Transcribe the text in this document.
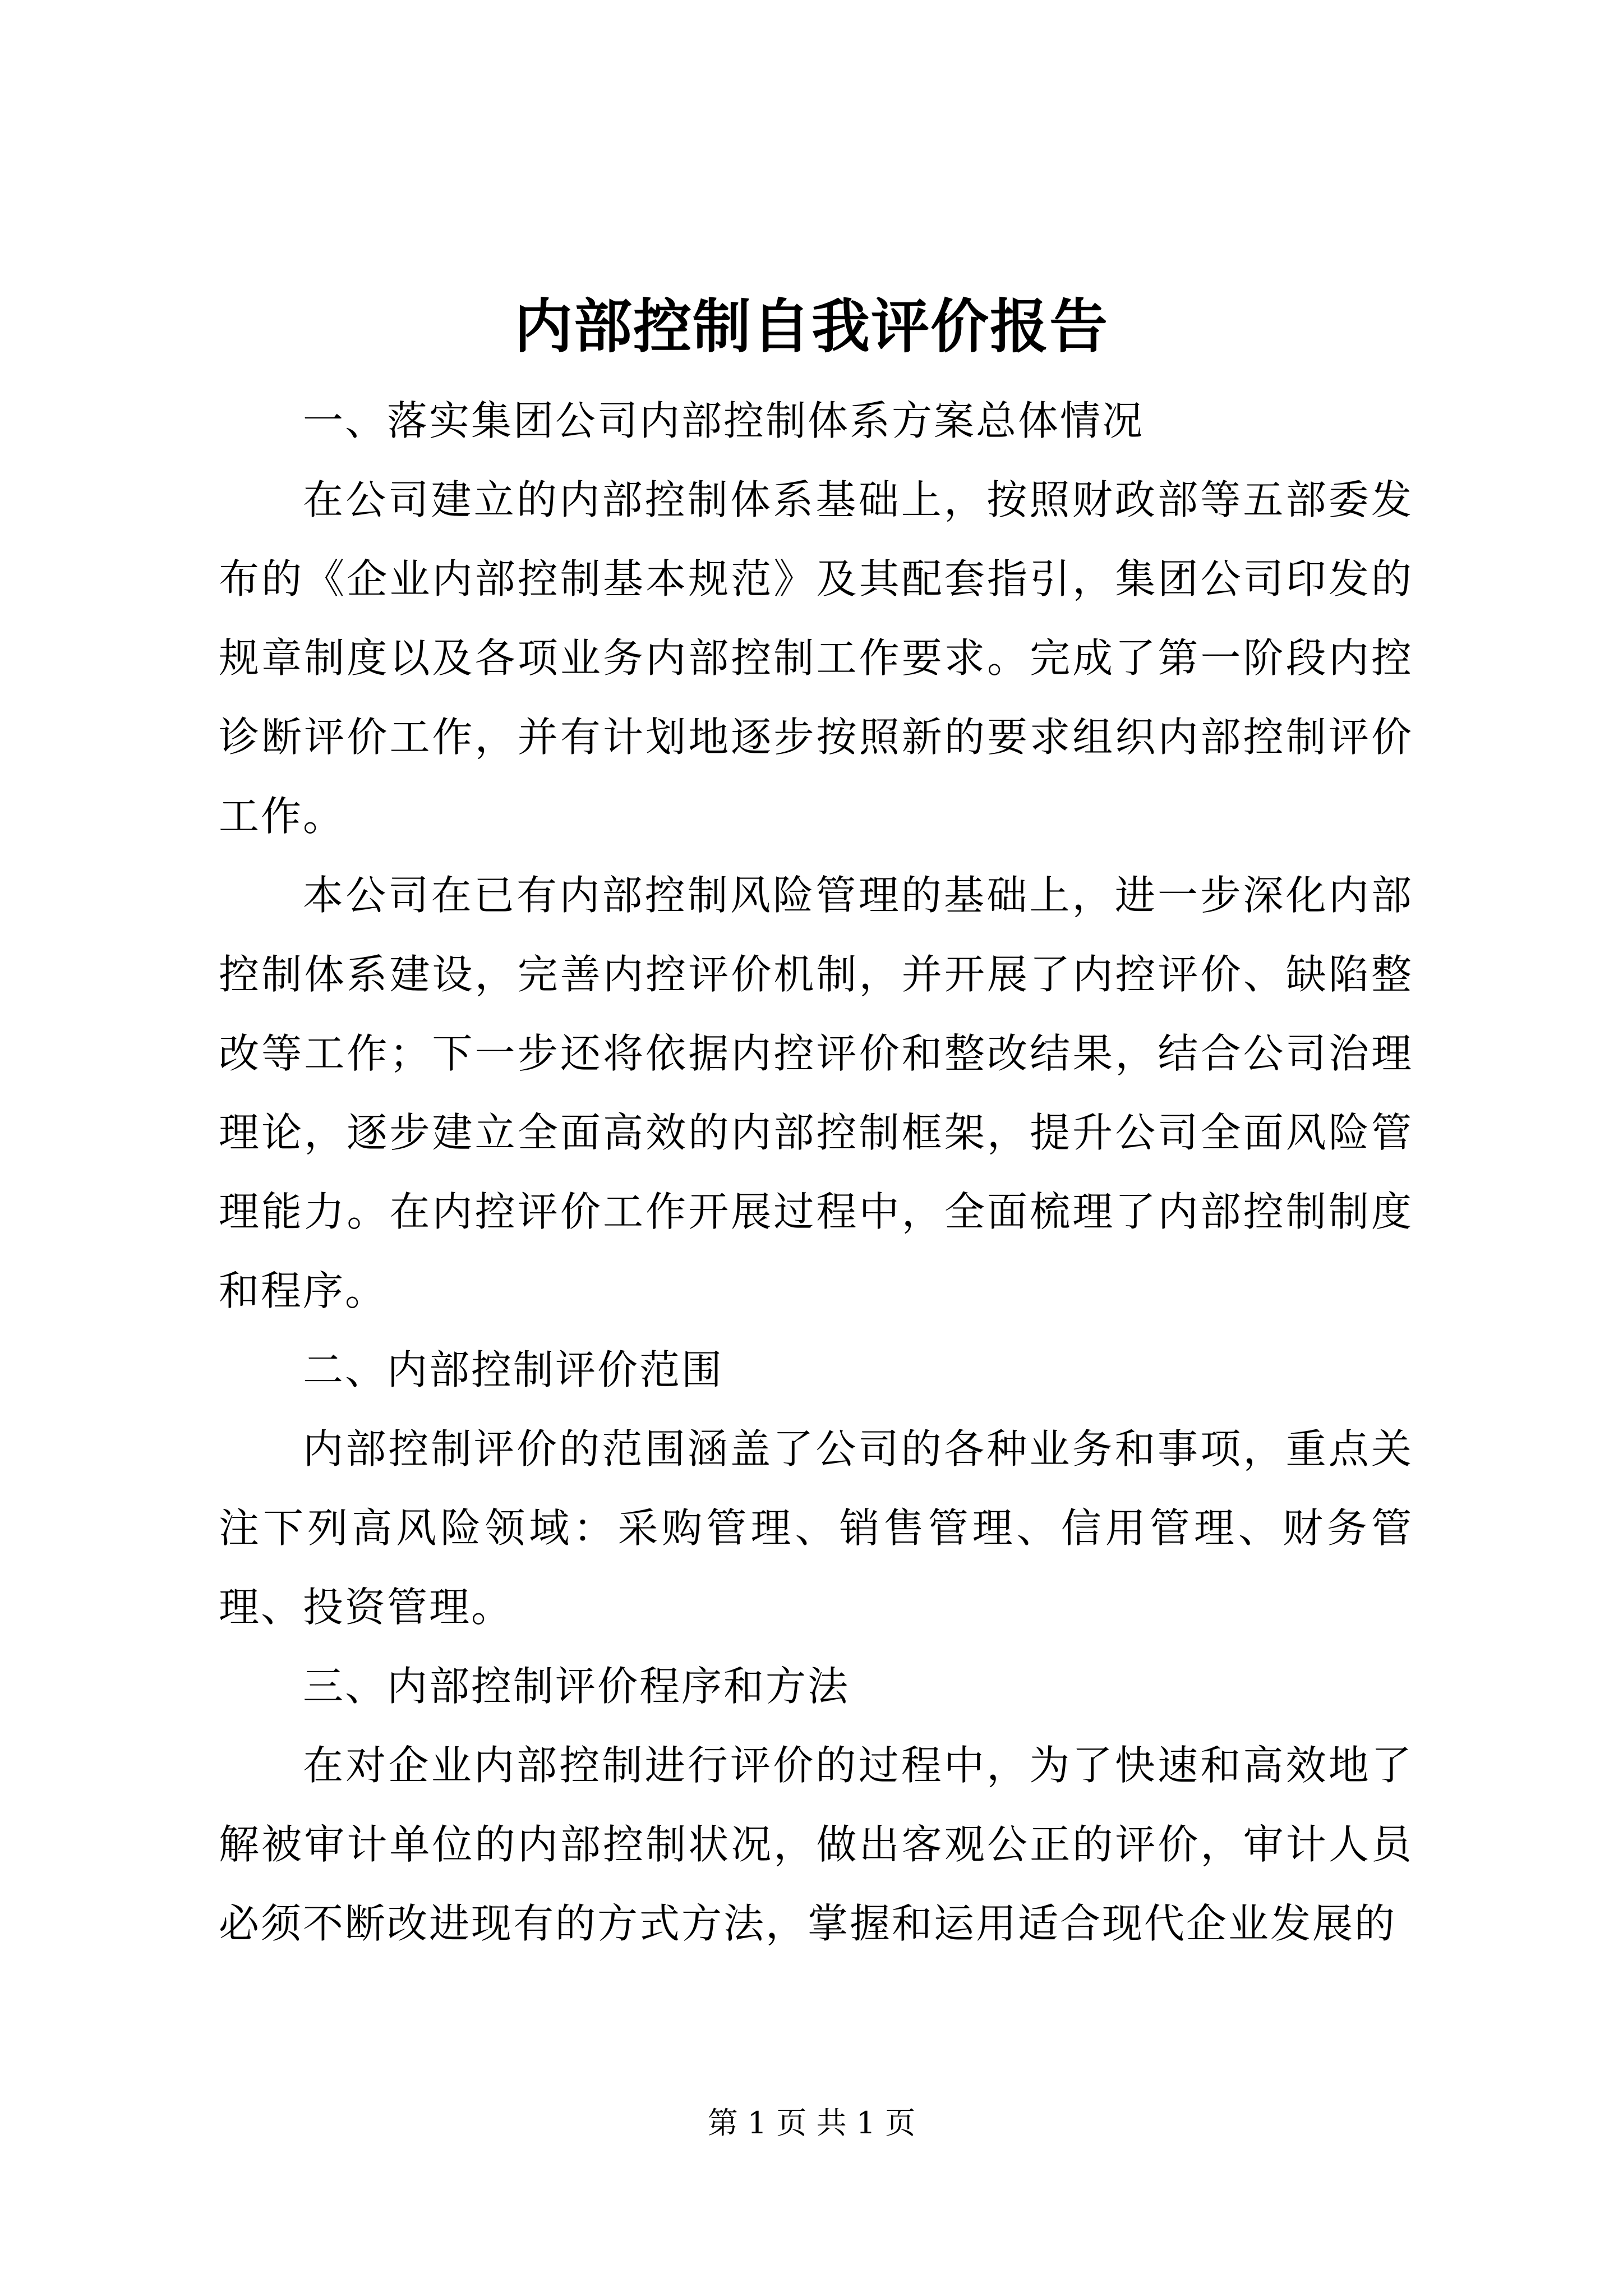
内部控制自我评价报告

一、落实集团公司内部控制体系方案总体情况

在公司建立的内部控制体系基础上，按照财政部等五部委发布的《企业内部控制基本规范》及其配套指引，集团公司印发的规章制度以及各项业务内部控制工作要求。完成了第一阶段内控诊断评价工作，并有计划地逐步按照新的要求组织内部控制评价工作。

本公司在已有内部控制风险管理的基础上，进一步深化内部控制体系建设，完善内控评价机制，并开展了内控评价、缺陷整改等工作；下一步还将依据内控评价和整改结果，结合公司治理理论，逐步建立全面高效的内部控制框架，提升公司全面风险管理能力。在内控评价工作开展过程中，全面梳理了内部控制制度和程序。

二、内部控制评价范围

内部控制评价的范围涵盖了公司的各种业务和事项，重点关注下列高风险领域：采购管理、销售管理、信用管理、财务管理、投资管理。

三、内部控制评价程序和方法

在对企业内部控制进行评价的过程中，为了快速和高效地了解被审计单位的内部控制状况，做出客观公正的评价，审计人员必须不断改进现有的方式方法，掌握和运用适合现代企业发展的

第 1 页 共 1 页
